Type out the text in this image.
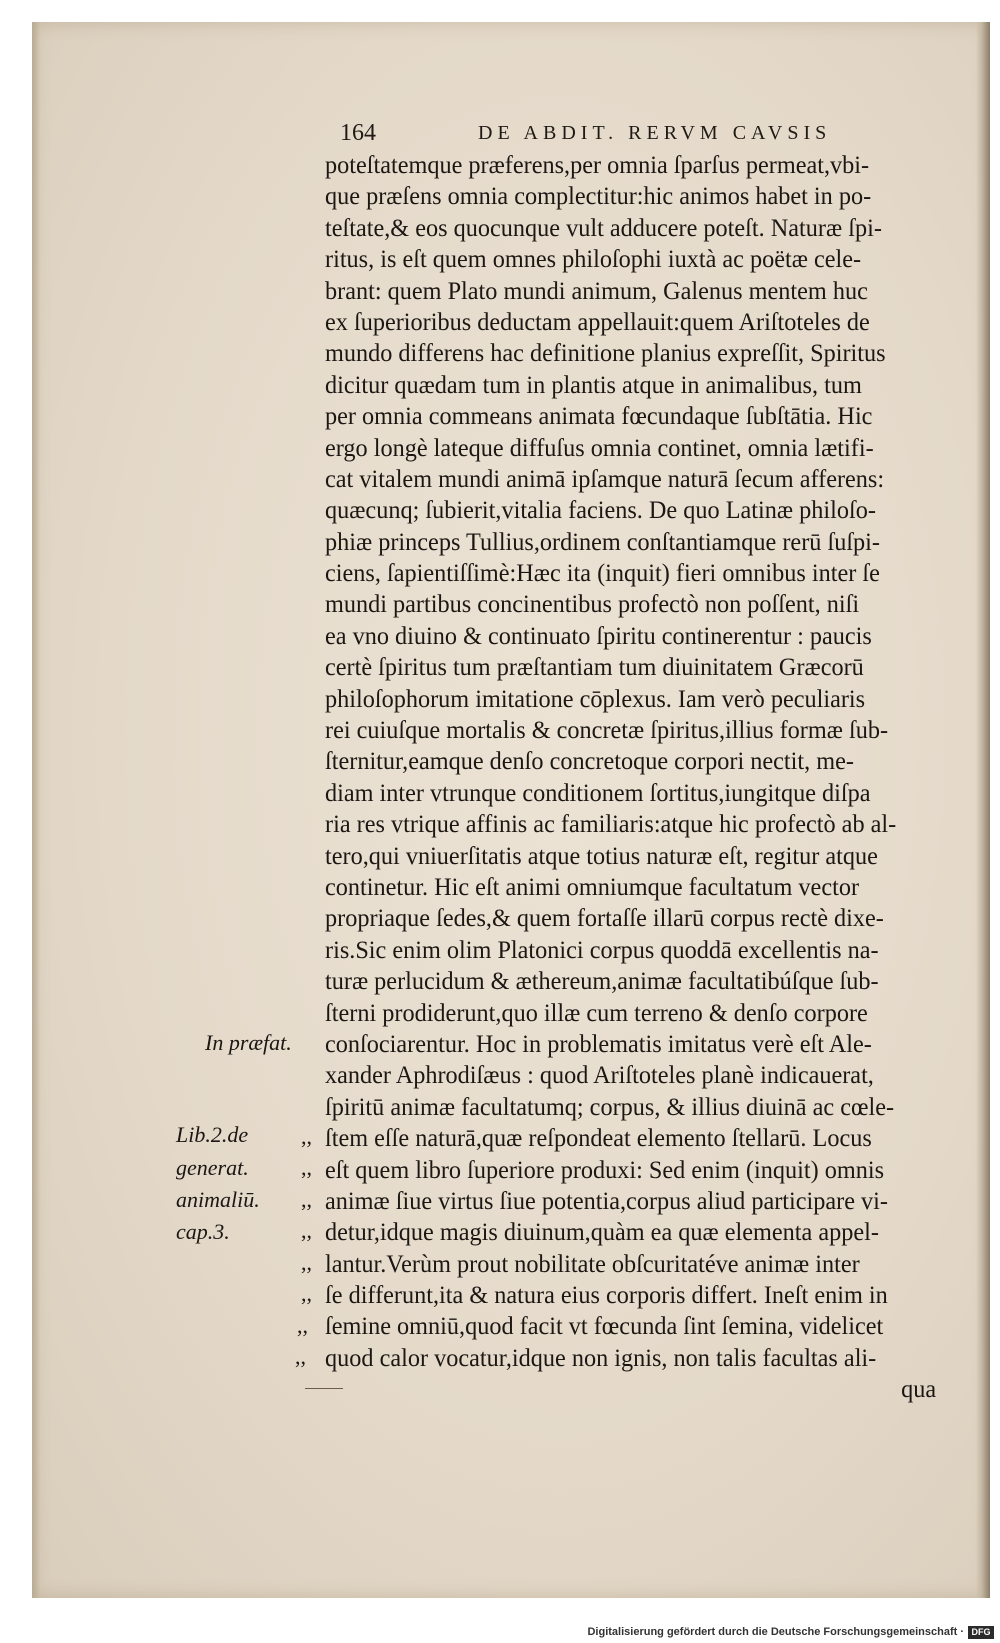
164	DE ABDIT. RERVM CAVSIS
poteſtatemque præferens,per omnia ſparſus permeat,vbi-
que præſens omnia complectitur:hic animos habet in po-
teſtate,& eos quocunque vult adducere poteſt. Naturæ ſpi-
ritus, is eſt quem omnes philoſophi iuxtà ac poëtæ cele-
brant: quem Plato mundi animum, Galenus mentem huc
ex ſuperioribus deductam appellauit:quem Ariſtoteles de
mundo differens hac definitione planius expreſſit, Spiritus
dicitur quædam tum in plantis atque in animalibus, tum
per omnia commeans animata fœcundaque ſubſtātia. Hic
ergo longè lateque diffuſus omnia continet, omnia lætifi-
cat vitalem mundi animā ipſamque naturā ſecum afferens:
quæcunq; ſubierit,vitalia faciens. De quo Latinæ philoſo-
phiæ princeps Tullius,ordinem conſtantiamque rerū ſuſpi-
ciens, ſapientiſſimè:Hæc ita (inquit) fieri omnibus inter ſe
mundi partibus concinentibus profectò non poſſent, niſi
ea vno diuino & continuato ſpiritu continerentur : paucis
certè ſpiritus tum præſtantiam tum diuinitatem Græcorū
philoſophorum imitatione cōplexus. Iam verò peculiaris
rei cuiuſque mortalis & concretæ ſpiritus,illius formæ ſub-
ſternitur,eamque denſo concretoque corpori nectit, me-
diam inter vtrunque conditionem ſortitus,iungitque diſpa
ria res vtrique affinis ac familiaris:atque hic profectò ab al-
tero,qui vniuerſitatis atque totius naturæ eſt, regitur atque
continetur. Hic eſt animi omniumque facultatum vector
propriaque ſedes,& quem fortaſſe illarū corpus rectè dixe-
ris.Sic enim olim Platonici corpus quoddā excellentis na-
turæ perlucidum & æthereum,animæ facultatibúſque ſub-
ſterni prodiderunt,quo illæ cum terreno & denſo corpore
conſociarentur. Hoc in problematis imitatus verè eſt Ale-
xander Aphrodiſæus : quod Ariſtoteles planè indicauerat,
ſpiritū animæ facultatumq; corpus, & illius diuinā ac cœle-
ſtem eſſe naturā,quæ reſpondeat elemento ſtellarū. Locus
eſt quem libro ſuperiore produxi: Sed enim (inquit) omnis
animæ ſiue virtus ſiue potentia,corpus aliud participare vi-
detur,idque magis diuinum,quàm ea quæ elementa appel-
lantur.Verùm prout nobilitate obſcuritatéve animæ inter
ſe differunt,ita & natura eius corporis differt. Ineſt enim in
ſemine omniū,quod facit vt fœcunda ſint ſemina, videlicet
quod calor vocatur,idque non ignis, non talis facultas ali-
qua
,,
,,
,,
,,
,,
,,
,,
,,
In præfat.
Lib.2.de
generat.
animaliū.
cap.3.
Digitalisierung gefördert durch die Deutsche Forschungsgemeinschaft · DFG
